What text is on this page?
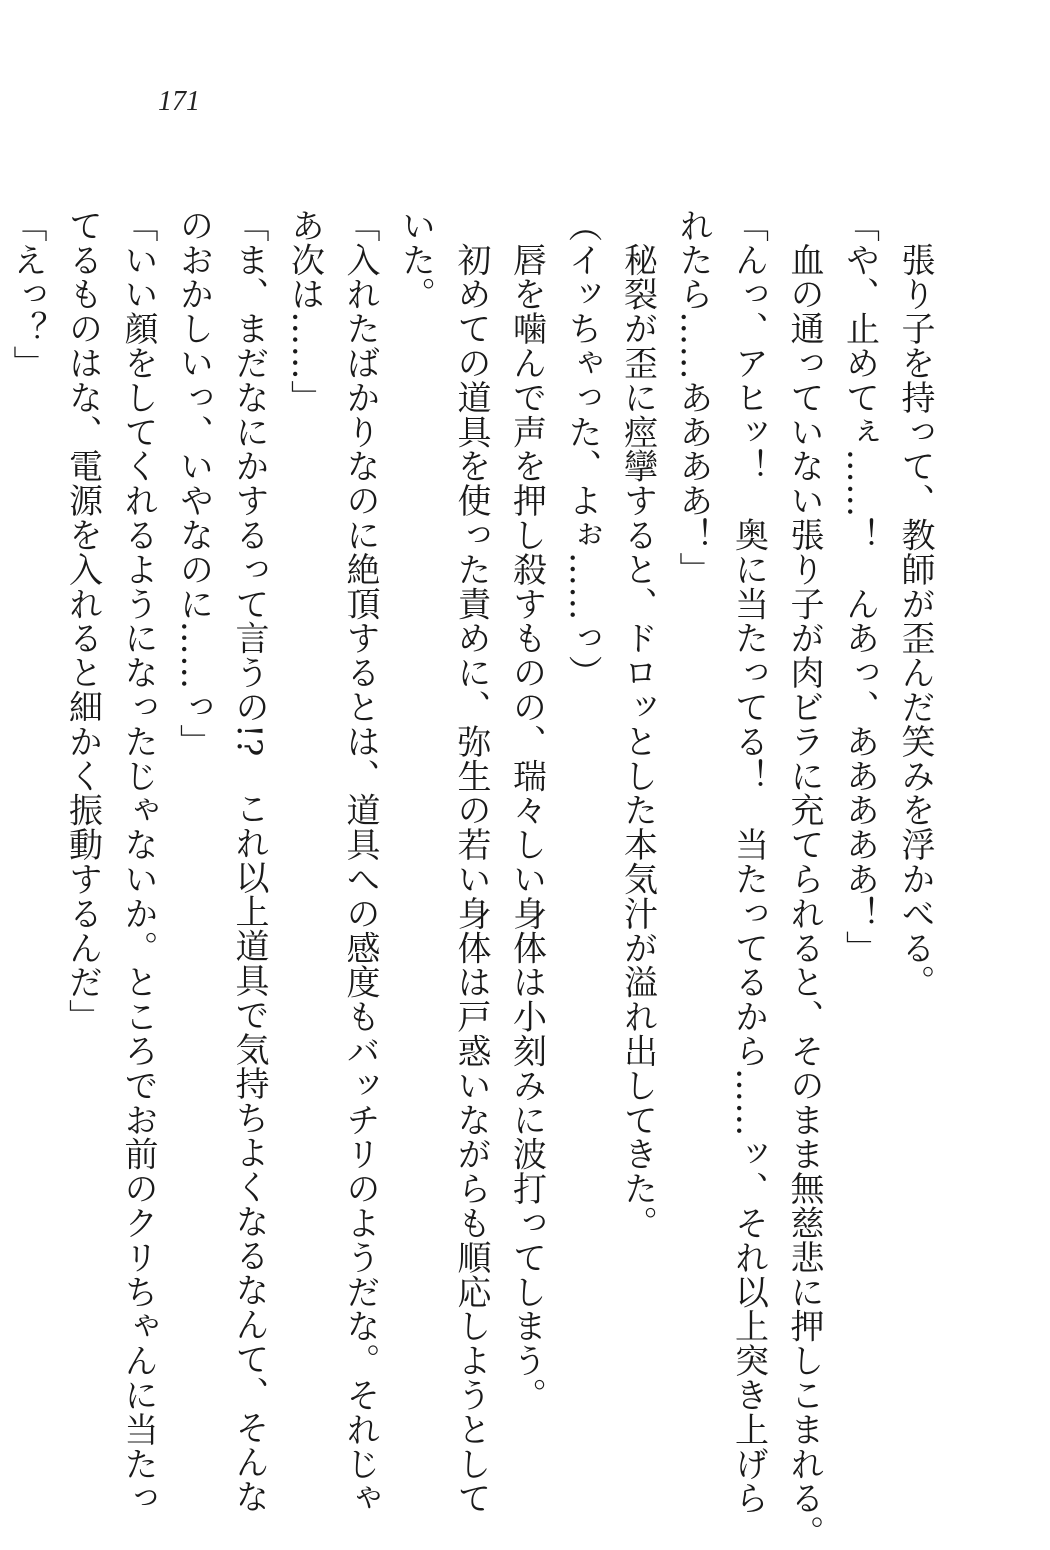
171
　張り子を持って、教師が歪んだ笑みを浮かべる。
「や、止めてぇ……！　んあっ、あああああ！」
　血の通っていない張り子が肉ビラに充てられると、そのまま無慈悲に押しこまれる。
「んっ、アヒッ！　奥に当たってる！　当たってるから……ッ、それ以上突き上げら
れたら……ああああ！」
　秘裂が歪に痙攣すると、ドロッとした本気汁が溢れ出してきた。
（イッちゃった、よぉ……っ）
　唇を噛んで声を押し殺すものの、瑞々しい身体は小刻みに波打ってしまう。
　初めての道具を使った責めに、弥生の若い身体は戸惑いながらも順応しようとして
いた。
「入れたばかりなのに絶頂するとは、道具への感度もバッチリのようだな。それじゃ
あ次は……」
「ま、まだなにかするって言うの!?　これ以上道具で気持ちよくなるなんて、そんな
のおかしいっ、いやなのに……っ」
「いい顔をしてくれるようになったじゃないか。ところでお前のクリちゃんに当たっ
てるものはな、電源を入れると細かく振動するんだ」
「えっ？」
